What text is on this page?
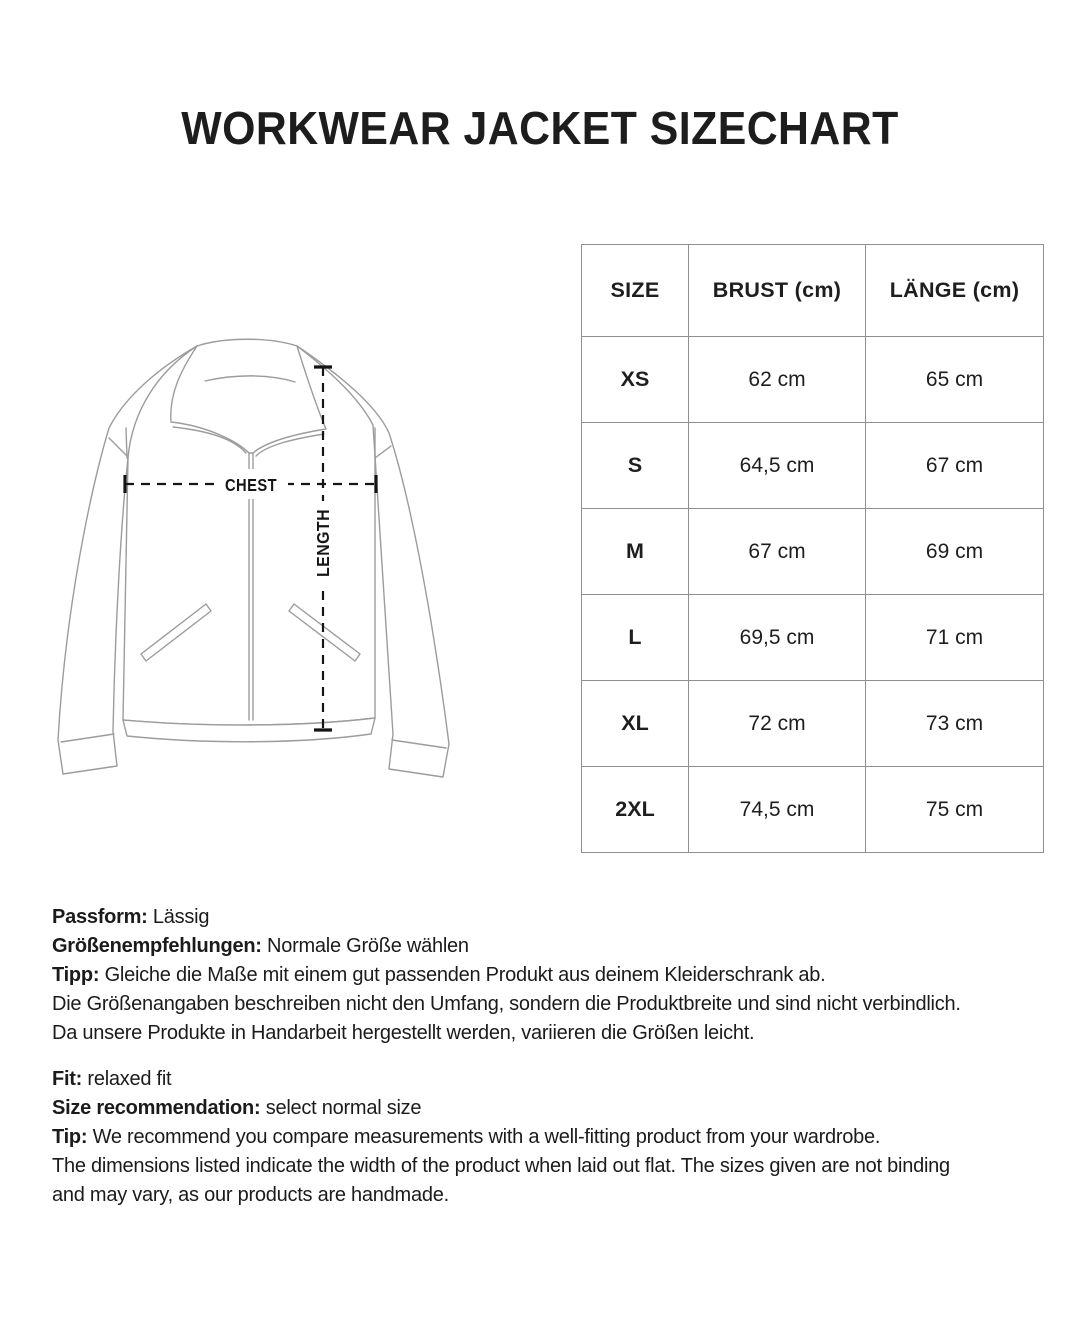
WORKWEAR JACKET SIZECHART
CHEST
LENGTH
SIZE	BRUST (cm)	LÄNGE (cm)
XS	62 cm	65 cm
S	64,5 cm	67 cm
M	67 cm	69 cm
L	69,5 cm	71 cm
XL	72 cm	73 cm
2XL	74,5 cm	75 cm
Passform: Lässig
Größenempfehlungen: Normale Größe wählen
Tipp: Gleiche die Maße mit einem gut passenden Produkt aus deinem Kleiderschrank ab.
Die Größenangaben beschreiben nicht den Umfang, sondern die Produktbreite und sind nicht verbindlich.
Da unsere Produkte in Handarbeit hergestellt werden, variieren die Größen leicht.
Fit: relaxed fit
Size recommendation: select normal size
Tip: We recommend you compare measurements with a well-fitting product from your wardrobe.
The dimensions listed indicate the width of the product when laid out flat. The sizes given are not binding
and may vary, as our products are handmade.
